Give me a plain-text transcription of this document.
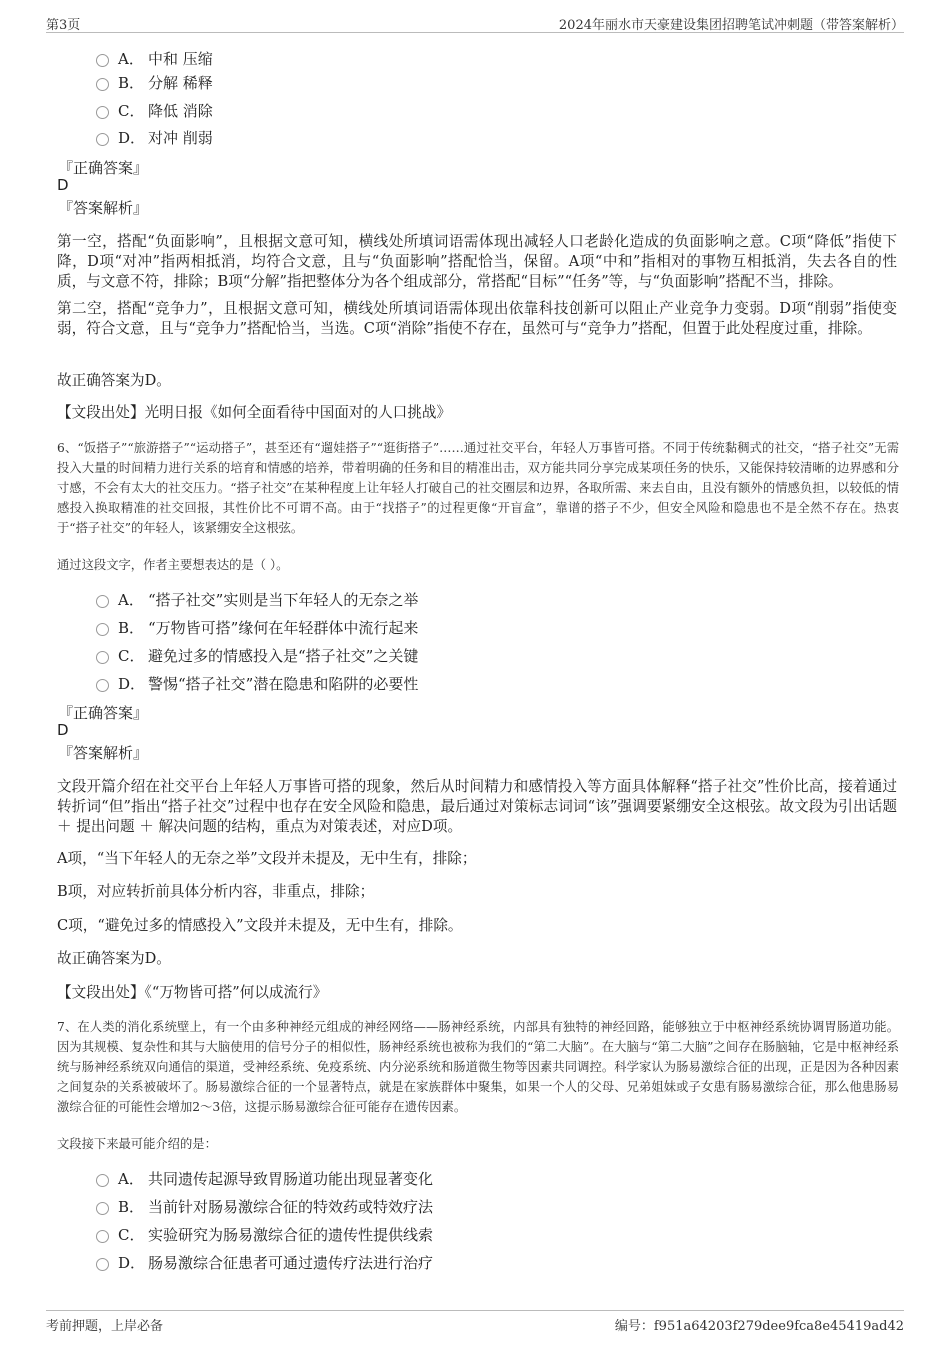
第3页	2024年丽水市天豪建设集团招聘笔试冲刺题（带答案解析）
A． 中和 压缩
B． 分解 稀释
C． 降低 消除
D． 对冲 削弱
『正确答案』
D
『答案解析』
第一空，搭配“负面影响”，且根据文意可知，横线处所填词语需体现出减轻人口老龄化造成的负面影响之意。C项“降低”指使下降，D项“对冲”指两相抵消，均符合文意，且与“负面影响”搭配恰当，保留。A项“中和”指相对的事物互相抵消，失去各自的性质，与文意不符，排除；B项“分解”指把整体分为各个组成部分，常搭配“目标”“任务”等，与“负面影响”搭配不当，排除。
第二空，搭配“竞争力”，且根据文意可知，横线处所填词语需体现出依靠科技创新可以阻止产业竞争力变弱。D项“削弱”指使变弱，符合文意，且与“竞争力”搭配恰当，当选。C项“消除”指使不存在，虽然可与“竞争力”搭配，但置于此处程度过重，排除。
故正确答案为D。
【文段出处】光明日报《如何全面看待中国面对的人口挑战》
6、“饭搭子”“旅游搭子”“运动搭子”，甚至还有“遛娃搭子”“逛街搭子”……通过社交平台，年轻人万事皆可搭。不同于传统黏稠式的社交，“搭子社交”无需投入大量的时间精力进行关系的培育和情感的培养，带着明确的任务和目的精准出击，双方能共同分享完成某项任务的快乐，又能保持较清晰的边界感和分寸感，不会有太大的社交压力。“搭子社交”在某种程度上让年轻人打破自己的社交圈层和边界，各取所需、来去自由，且没有额外的情感负担，以较低的情感投入换取精准的社交回报，其性价比不可谓不高。由于“找搭子”的过程更像“开盲盒”，靠谱的搭子不少，但安全风险和隐患也不是全然不存在。热衷于“搭子社交”的年轻人，该紧绷安全这根弦。
通过这段文字，作者主要想表达的是（ ）。
A． “搭子社交”实则是当下年轻人的无奈之举
B． “万物皆可搭”缘何在年轻群体中流行起来
C． 避免过多的情感投入是“搭子社交”之关键
D． 警惕“搭子社交”潜在隐患和陷阱的必要性
『正确答案』
D
『答案解析』
文段开篇介绍在社交平台上年轻人万事皆可搭的现象，然后从时间精力和感情投入等方面具体解释“搭子社交”性价比高，接着通过转折词“但”指出“搭子社交”过程中也存在安全风险和隐患，最后通过对策标志词词“该”强调要紧绷安全这根弦。故文段为引出话题 ＋ 提出问题 ＋ 解决问题的结构，重点为对策表述，对应D项。
A项，“当下年轻人的无奈之举”文段并未提及，无中生有，排除；
B项，对应转折前具体分析内容，非重点，排除；
C项，“避免过多的情感投入”文段并未提及，无中生有，排除。
故正确答案为D。
【文段出处】《“万物皆可搭”何以成流行》
7、在人类的消化系统壁上，有一个由多种神经元组成的神经网络——肠神经系统，内部具有独特的神经回路，能够独立于中枢神经系统协调胃肠道功能。因为其规模、复杂性和其与大脑使用的信号分子的相似性，肠神经系统也被称为我们的“第二大脑”。在大脑与“第二大脑”之间存在肠脑轴，它是中枢神经系统与肠神经系统双向通信的渠道，受神经系统、免疫系统、内分泌系统和肠道微生物等因素共同调控。科学家认为肠易激综合征的出现，正是因为各种因素之间复杂的关系被破坏了。肠易激综合征的一个显著特点，就是在家族群体中聚集，如果一个人的父母、兄弟姐妹或子女患有肠易激综合征，那么他患肠易激综合征的可能性会增加2～3倍，这提示肠易激综合征可能存在遗传因素。
文段接下来最可能介绍的是：
A． 共同遗传起源导致胃肠道功能出现显著变化
B． 当前针对肠易激综合征的特效药或特效疗法
C． 实验研究为肠易激综合征的遗传性提供线索
D． 肠易激综合征患者可通过遗传疗法进行治疗
考前押题，上岸必备	编号：f951a64203f279dee9fca8e45419ad42
